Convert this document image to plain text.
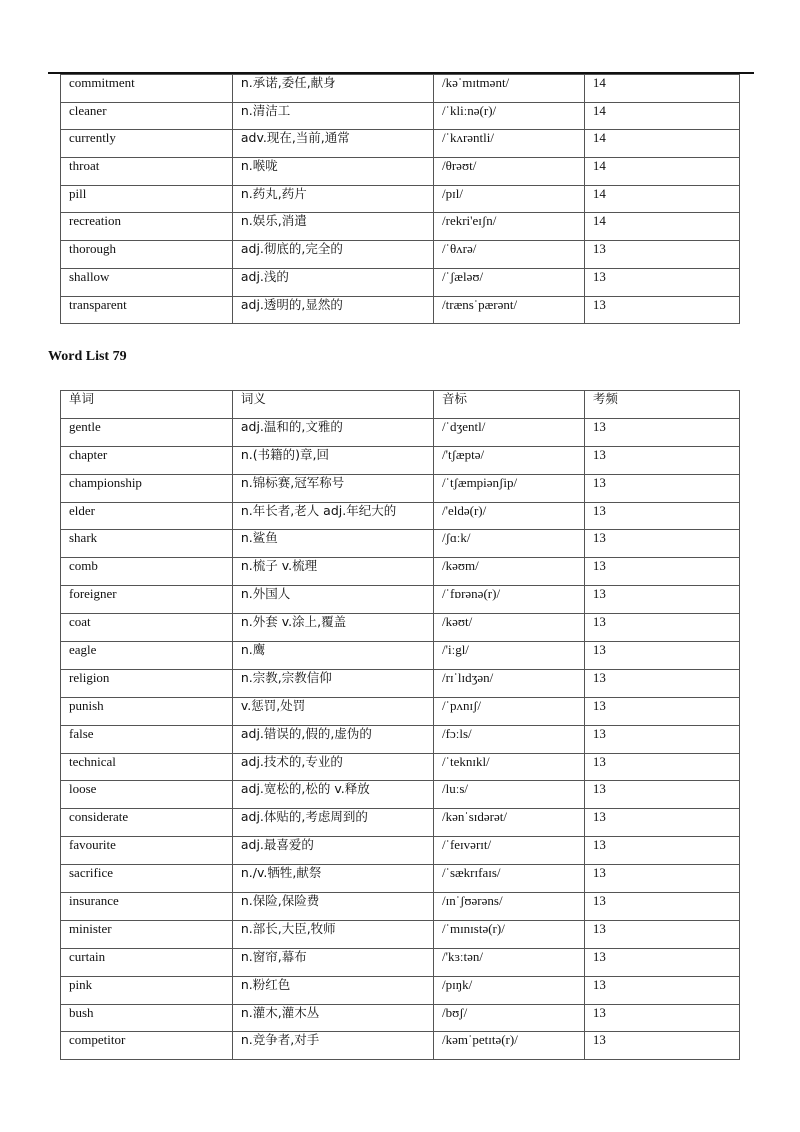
commitment	n.承诺,委任,献身	/kəˈmɪtmənt/	14
cleaner	n.清洁工	/ˈkliːnə(r)/	14
currently	adv.现在,当前,通常	/ˈkʌrəntli/	14
throat	n.喉咙	/θrəʊt/	14
pill	n.药丸,药片	/pɪl/	14
recreation	n.娱乐,消遣	/rekri'eɪʃn/	14
thorough	adj.彻底的,完全的	/ˈθʌrə/	13
shallow	adj.浅的	/ˈʃæləʊ/	13
transparent	adj.透明的,显然的	/trænsˈpærənt/	13
Word List 79
单词	词义	音标	考频
gentle	adj.温和的,文雅的	/ˈdʒentl/	13
chapter	n.(书籍的)章,回	/'tʃæptə/	13
championship	n.锦标赛,冠军称号	/ˈtʃæmpiənʃip/	13
elder	n.年长者,老人 adj.年纪大的	/'eldə(r)/	13
shark	n.鲨鱼	/ʃɑːk/	13
comb	n.梳子 v.梳理	/kəʊm/	13
foreigner	n.外国人	/ˈfɒrənə(r)/	13
coat	n.外套 v.涂上,覆盖	/kəʊt/	13
eagle	n.鹰	/'iːgl/	13
religion	n.宗教,宗教信仰	/rɪˈlɪdʒən/	13
punish	v.惩罚,处罚	/ˈpʌnɪʃ/	13
false	adj.错误的,假的,虚伪的	/fɔːls/	13
technical	adj.技术的,专业的	/ˈteknɪkl/	13
loose	adj.宽松的,松的 v.释放	/luːs/	13
considerate	adj.体贴的,考虑周到的	/kənˈsɪdərət/	13
favourite	adj.最喜爱的	/ˈfeɪvərɪt/	13
sacrifice	n./v.牺牲,献祭	/ˈsækrɪfaɪs/	13
insurance	n.保险,保险费	/ɪnˈʃʊərəns/	13
minister	n.部长,大臣,牧师	/ˈmɪnɪstə(r)/	13
curtain	n.窗帘,幕布	/'kɜːtən/	13
pink	n.粉红色	/pɪŋk/	13
bush	n.灌木,灌木丛	/bʊʃ/	13
competitor	n.竞争者,对手	/kəmˈpetɪtə(r)/	13
